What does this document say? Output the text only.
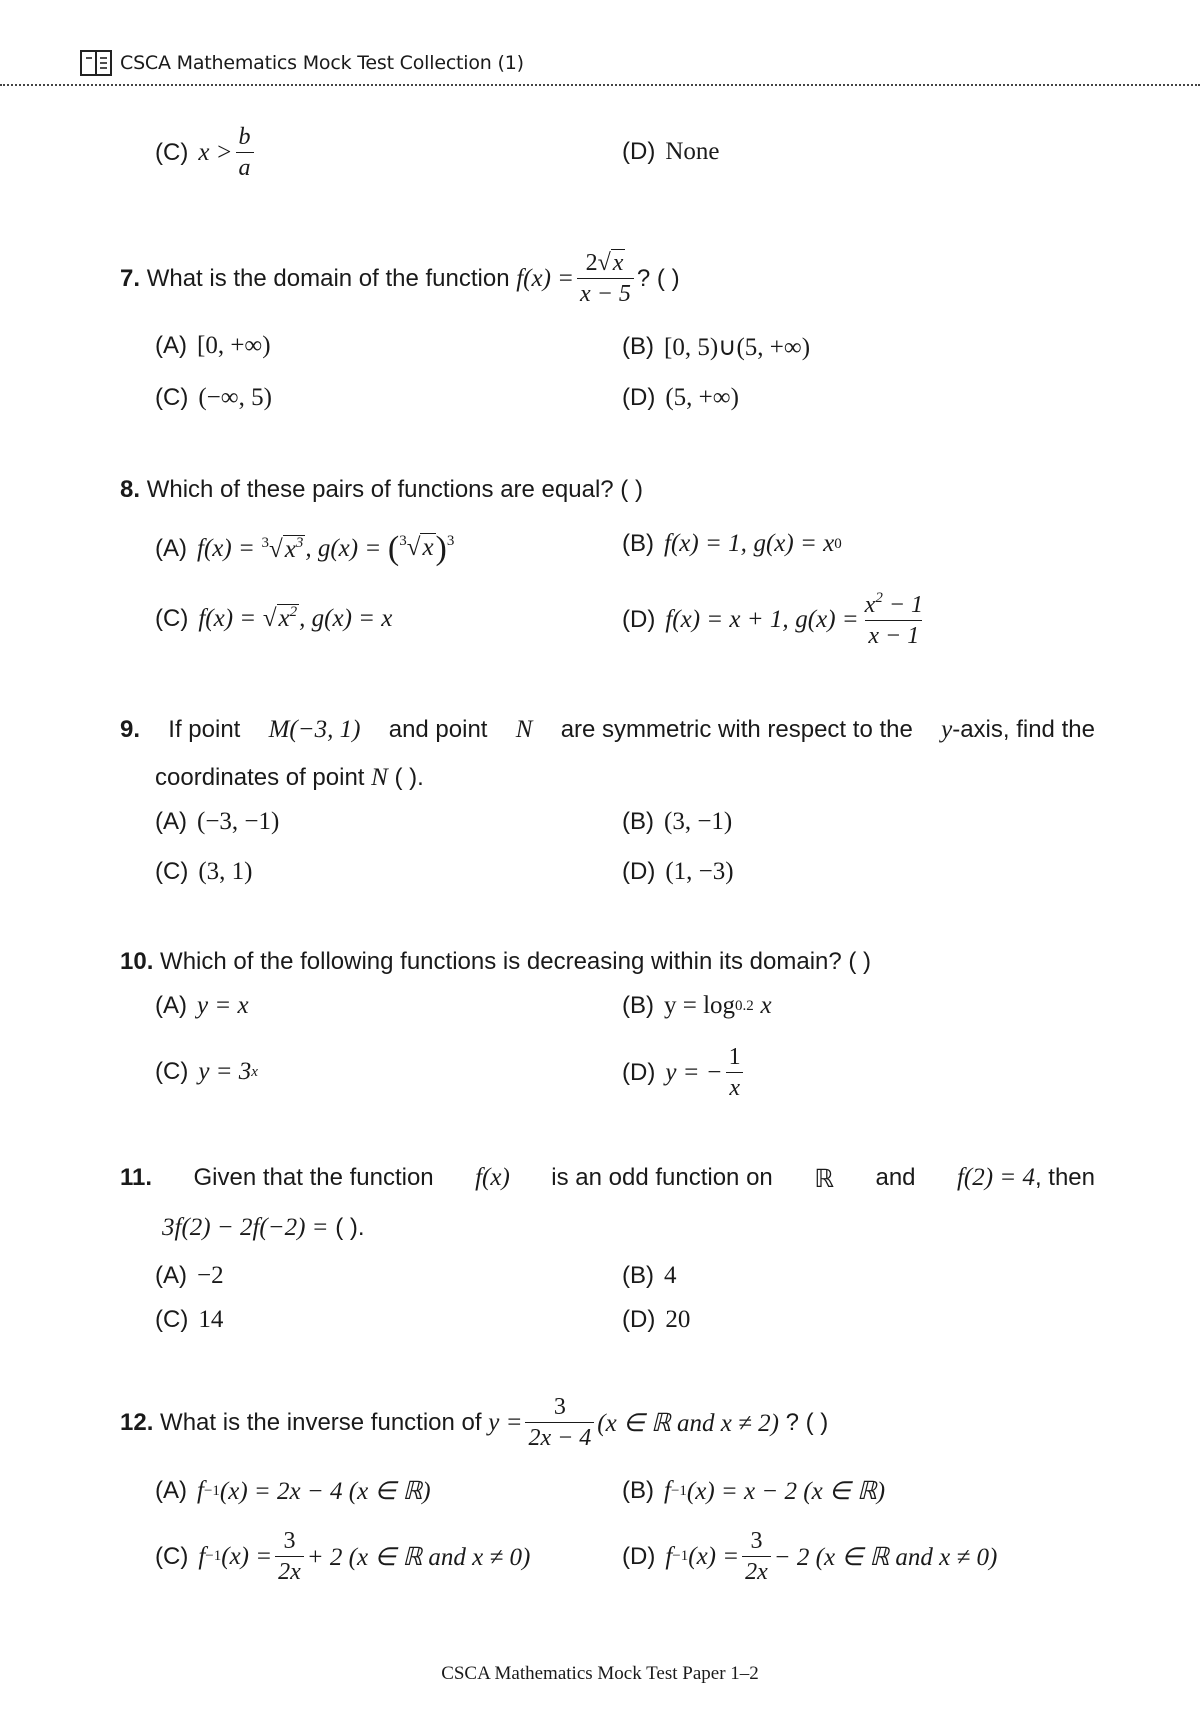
CSCA Mathematics Mock Test Collection (1)
(C) $x > \frac{b}{a}$	(D) None
7.
What is the domain of the function
$f(x) = \frac{2√x}{x - 5}$ ? ( )
(A) [0, +∞)	(B) [0, 5)∪(5, +∞)
(C) (−∞, 5)	(D) (5, +∞)
8. Which of these pairs of functions are equal? ( )
(A) f(x) =
$^3√x^3$ , g(x) =
$(^3√x)^3$	(B) f(x) = 1,
g(x) = x 0
(C) f(x) =
$√x^2$ , g(x) = x	(D) f(x) = x + 1,
$g(x) = \frac{x^2 - 1}{x - 1}$
9. If point M(−3, 1) and point N are symmetric with respect to the y -axis, find the
coordinates of point N ( ).
(A) (−3, −1)	(B) (3, −1)
(C) (3, 1)	(D) (1, −3)
10. Which of the following functions is decreasing within its domain? ( )
(A) y = x	(B) y = log 0.2
x
(C) y = 3 x	(D) y = − $\frac{1}{x}$
11. Given that the function f(x) is an odd function on ℝ and f(2) = 4 , then
3f(2) − 2f(−2) = ( ).
(A) −2	(B) 4
(C) 14	(D) 20
12.
What is the inverse function of
$y = \frac{3}{2x - 4} (x$ ∈ ℝ and x ≠ 2)
? ( )
(A) f −1 (x) = 2x − 4 (x ∈ ℝ)	(B) f −1 (x) = x − 2 (x ∈ ℝ)
(C) f −1 $(x) = \frac{3}{2x} + 2$ (x ∈ ℝ and x ≠ 0)	(D) f −1 $(x) = \frac{3}{2x} - 2$ (x ∈ ℝ and x ≠ 0)
CSCA Mathematics Mock Test Paper 1–2
